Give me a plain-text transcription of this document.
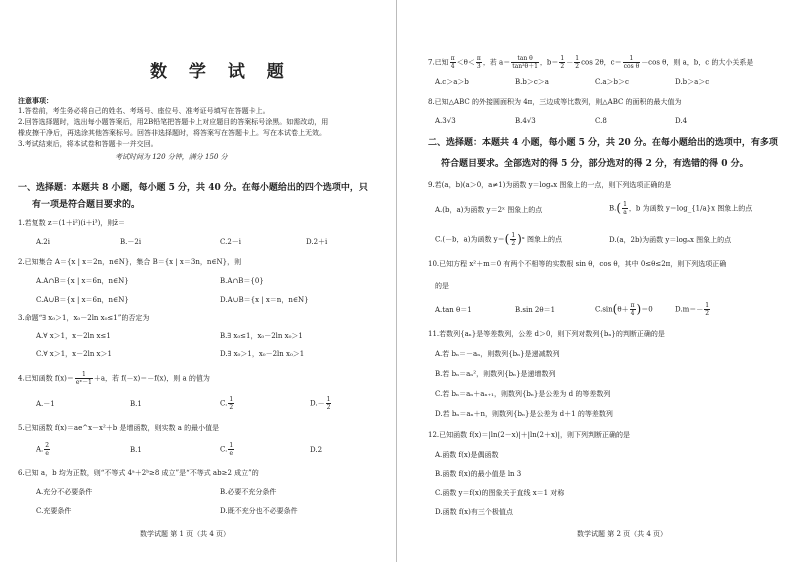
数 学 试 题
注意事项：
1.答卷前，考生务必将自己的姓名、考场号、座位号、准考证号填写在答题卡上。
2.回答选择题时，选出每小题答案后，用2B铅笔把答题卡上对应题目的答案标号涂黑。如需改动，用
橡皮擦干净后，再选涂其他答案标号。回答非选择题时，将答案写在答题卡上。写在本试卷上无效。
3.考试结束后，将本试卷和答题卡一并交回。
考试时间为 120 分钟，满分 150 分
一、选择题：本题共 8 小题，每小题 5 分，共 40 分。在每小题给出的四个选项中，只
有一项是符合题目要求的。
1.若复数 z＝(1＋i²)(i＋i³)，则z̄＝
A.2i	B.－2i	C.2－i	D.2＋i
2.已知集合 A＝{x | x＝2n，n∈N}，集合 B＝{x | x＝3n，n∈N}，则
A.A∩B＝{x | x＝6n，n∈N}	B.A∩B＝{0}
C.A∪B＝{x | x＝6n，n∈N}	D.A∪B＝{x | x＝n，n∈N}
3.命题“∃ x₀＞1，x₀－2ln x₀≤1”的否定为
A.∀ x＞1，x－2ln x≤1	B.∃ x₀≤1，x₀－2ln x₀＞1
C.∀ x＞1，x－2ln x＞1	D.∃ x₀＞1，x₀－2ln x₀＞1
4.已知函数 $f(x)= \frac{1}{\text{eˣ－1}} +a$，若 f(－x)＝－f(x)，则 a 的值为
A.－1	B.1	C. $\frac{1}{2}$	$D.- \frac{1}{2}$
5.已知函数 f(x)＝ae^x－x²＋b 是增函数，则实数 a 的最小值是
A. $\frac{2}{e}$	B.1	C. $\frac{1}{e}$	D.2
6.已知 a，b 均为正数，则“不等式 4ᵃ＋2ᵇ≥8 成立”是“不等式 ab≥2 成立”的
A.充分不必要条件	B.必要不充分条件
C.充要条件	D.既不充分也不必要条件
数学试题 第 1 页（共 4 页）
7.已知 $\frac{\pi}{4} <\theta< \frac{\pi}{3}$ ，若 $a= \frac{\text{tan θ}}{\text{tan²θ＋1}}$ ，$b= \frac{1}{2} - \frac{1}{2}$ cos 2θ，$c= \frac{1}{\text{cos θ}} -\cos$ θ，则 a，b，c 的大小关系是
A.c＞a＞b	B.b＞c＞a	C.a＞b＞c	D.b＞a＞c
8.已知△ABC 的外接圆面积为 4π，三边成等比数列，则△ABC 的面积的最大值为
A.3√3	B.4√3	C.8	D.4
二、选择题：本题共 4 小题，每小题 5 分，共 20 分。在每小题给出的选项中，有多项
符合题目要求。全部选对的得 5 分，部分选对的得 2 分，有选错的得 0 分。
9.若(a，b)(a＞0，a≠1)为函数 y＝logₐx 图象上的一点，则下列选项正确的是
A.(b，a)为函数 y＝2ˣ 图象上的点	$B.( \frac{1}{a}$ ，b 为函数 y＝log_{1/a}x 图象上的点
C.(－b，a)为函数 $y=( \frac{1}{2}$ )ˣ 图象上的点	D.(a，2b)为函数 y＝logₐx 图象上的点
10.已知方程 x²＋m＝0 有两个不相等的实数根 sin θ，cos θ，其中 0≤θ≤2π，则下列选项正确
的是
A.tan θ＝1	B.sin 2θ＝1	$C.\sin(\theta+ \frac{\pi}{4} )=0$	$D.m=- \frac{1}{2}$
11.若数列{aₙ}是等差数列，公差 d＞0，则下列对数列{bₙ}的判断正确的是
A.若 bₙ＝－aₙ，则数列{bₙ}是递减数列
B.若 bₙ＝aₙ²，则数列{bₙ}是递增数列
C.若 bₙ＝aₙ＋aₙ₊₁，则数列{bₙ}是公差为 d 的等差数列
D.若 bₙ＝aₙ＋n，则数列{bₙ}是公差为 d＋1 的等差数列
12.已知函数 f(x)＝|ln(2－x)|＋|ln(2＋x)|，则下列判断正确的是
A.函数 f(x)是偶函数
B.函数 f(x)的最小值是 ln 3
C.函数 y＝f(x)的图象关于直线 x＝1 对称
D.函数 f(x)有三个极值点
数学试题 第 2 页（共 4 页）
